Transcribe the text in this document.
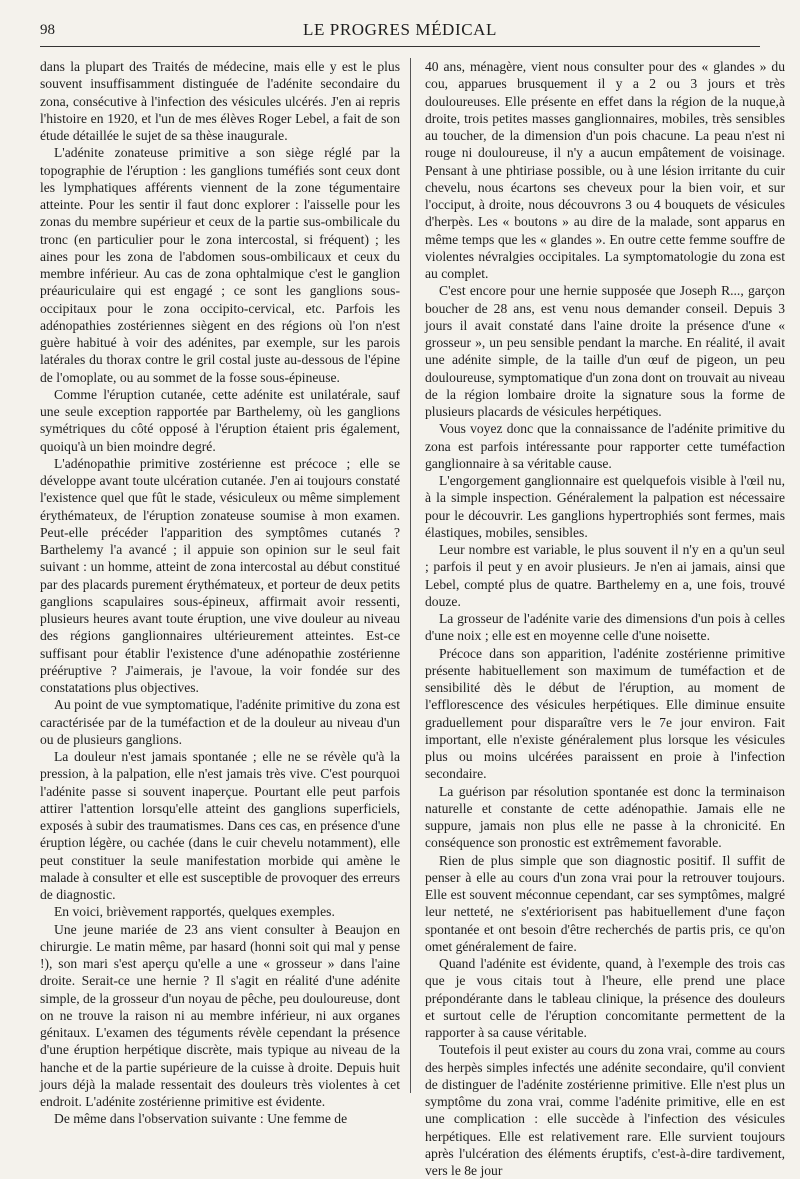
98	LE PROGRES MÉDICAL

dans la plupart des Traités de médecine, mais elle y est le plus souvent insuffisamment distinguée de l'adénite secondaire du zona, consécutive à l'infection des vésicules ulcérés. J'en ai repris l'histoire en 1920, et l'un de mes élèves Roger Lebel, a fait de son étude détaillée le sujet de sa thèse inaugurale.

L'adénite zonateuse primitive a son siège réglé par la topographie de l'éruption : les ganglions tuméfiés sont ceux dont les lymphatiques afférents viennent de la zone tégumentaire atteinte. Pour les sentir il faut donc explorer : l'aisselle pour les zonas du membre supérieur et ceux de la partie sus-ombilicale du tronc (en particulier pour le zona intercostal, si fréquent) ; les aines pour les zona de l'abdomen sous-ombilicaux et ceux du membre inférieur. Au cas de zona ophtalmique c'est le ganglion préauriculaire qui est engagé ; ce sont les ganglions sous-occipitaux pour le zona occipito-cervical, etc. Parfois les adénopathies zostériennes siègent en des régions où l'on n'est guère habitué à voir des adénites, par exemple, sur les parois latérales du thorax contre le gril costal juste au-dessous de l'épine de l'omoplate, ou au sommet de la fosse sous-épineuse.

Comme l'éruption cutanée, cette adénite est unilatérale, sauf une seule exception rapportée par Barthelemy, où les ganglions symétriques du côté opposé à l'éruption étaient pris également, quoiqu'à un bien moindre degré.

L'adénopathie primitive zostérienne est précoce ; elle se développe avant toute ulcération cutanée. J'en ai toujours constaté l'existence quel que fût le stade, vésiculeux ou même simplement érythémateux, de l'éruption zonateuse soumise à mon examen. Peut-elle précéder l'apparition des symptômes cutanés ? Barthelemy l'a avancé ; il appuie son opinion sur le seul fait suivant : un homme, atteint de zona intercostal au début constitué par des placards purement érythémateux, et porteur de deux petits ganglions scapulaires sous-épineux, affirmait avoir ressenti, plusieurs heures avant toute éruption, une vive douleur au niveau des régions ganglionnaires ultérieurement atteintes. Est-ce suffisant pour établir l'existence d'une adénopathie zostérienne prééruptive ? J'aimerais, je l'avoue, la voir fondée sur des constatations plus objectives.

Au point de vue symptomatique, l'adénite primitive du zona est caractérisée par de la tuméfaction et de la douleur au niveau d'un ou de plusieurs ganglions.

La douleur n'est jamais spontanée ; elle ne se révèle qu'à la pression, à la palpation, elle n'est jamais très vive. C'est pourquoi l'adénite passe si souvent inaperçue. Pourtant elle peut parfois attirer l'attention lorsqu'elle atteint des ganglions superficiels, exposés à subir des traumatismes. Dans ces cas, en présence d'une éruption légère, ou cachée (dans le cuir chevelu notamment), elle peut constituer la seule manifestation morbide qui amène le malade à consulter et elle est susceptible de provoquer des erreurs de diagnostic.

En voici, brièvement rapportés, quelques exemples.

Une jeune mariée de 23 ans vient consulter à Beaujon en chirurgie. Le matin même, par hasard (honni soit qui mal y pense !), son mari s'est aperçu qu'elle a une « grosseur » dans l'aine droite. Serait-ce une hernie ? Il s'agit en réalité d'une adénite simple, de la grosseur d'un noyau de pêche, peu douloureuse, dont on ne trouve la raison ni au membre inférieur, ni aux organes génitaux. L'examen des téguments révèle cependant la présence d'une éruption herpétique discrète, mais typique au niveau de la hanche et de la partie supérieure de la cuisse à droite. Depuis huit jours déjà la malade ressentait des douleurs très violentes à cet endroit. L'adénite zostérienne primitive est évidente.

De même dans l'observation suivante : Une femme de

40 ans, ménagère, vient nous consulter pour des « glandes » du cou, apparues brusquement il y a 2 ou 3 jours et très douloureuses. Elle présente en effet dans la région de la nuque,à droite, trois petites masses ganglionnaires, mobiles, très sensibles au toucher, de la dimension d'un pois chacune. La peau n'est ni rouge ni douloureuse, il n'y a aucun empâtement de voisinage. Pensant à une phtiriase possible, ou à une lésion irritante du cuir chevelu, nous écartons ses cheveux pour la bien voir, et sur l'occiput, à droite, nous découvrons 3 ou 4 bouquets de vésicules d'herpès. Les « boutons » au dire de la malade, sont apparus en même temps que les « glandes ». En outre cette femme souffre de violentes névralgies occipitales. La symptomatologie du zona est au complet.

C'est encore pour une hernie supposée que Joseph R..., garçon boucher de 28 ans, est venu nous demander conseil. Depuis 3 jours il avait constaté dans l'aine droite la présence d'une « grosseur », un peu sensible pendant la marche. En réalité, il avait une adénite simple, de la taille d'un œuf de pigeon, un peu douloureuse, symptomatique d'un zona dont on trouvait au niveau de la région lombaire droite la signature sous la forme de plusieurs placards de vésicules herpétiques.

Vous voyez donc que la connaissance de l'adénite primitive du zona est parfois intéressante pour rapporter cette tuméfaction ganglionnaire à sa véritable cause.

L'engorgement ganglionnaire est quelquefois visible à l'œil nu, à la simple inspection. Généralement la palpation est nécessaire pour le découvrir. Les ganglions hypertrophiés sont fermes, mais élastiques, mobiles, sensibles.

Leur nombre est variable, le plus souvent il n'y en a qu'un seul ; parfois il peut y en avoir plusieurs. Je n'en ai jamais, ainsi que Lebel, compté plus de quatre. Barthelemy en a, une fois, trouvé douze.

La grosseur de l'adénite varie des dimensions d'un pois à celles d'une noix ; elle est en moyenne celle d'une noisette.

Précoce dans son apparition, l'adénite zostérienne primitive présente habituellement son maximum de tuméfaction et de sensibilité dès le début de l'éruption, au moment de l'efflorescence des vésicules herpétiques. Elle diminue ensuite graduellement pour disparaître vers le 7e jour environ. Fait important, elle n'existe généralement plus lorsque les vésicules plus ou moins ulcérées paraissent en proie à l'infection secondaire.

La guérison par résolution spontanée est donc la terminaison naturelle et constante de cette adénopathie. Jamais elle ne suppure, jamais non plus elle ne passe à la chronicité. En conséquence son pronostic est extrêmement favorable.

Rien de plus simple que son diagnostic positif. Il suffit de penser à elle au cours d'un zona vrai pour la retrouver toujours. Elle est souvent méconnue cependant, car ses symptômes, malgré leur netteté, ne s'extériorisent pas habituellement d'une façon spontanée et ont besoin d'être recherchés de partis pris, ce qu'on omet généralement de faire.

Quand l'adénite est évidente, quand, à l'exemple des trois cas que je vous citais tout à l'heure, elle prend une place prépondérante dans le tableau clinique, la présence des douleurs et surtout celle de l'éruption concomitante permettent de la rapporter à sa cause véritable.

Toutefois il peut exister au cours du zona vrai, comme au cours des herpès simples infectés une adénite secondaire, qu'il convient de distinguer de l'adénite zostérienne primitive. Elle n'est plus un symptôme du zona vrai, comme l'adénite primitive, elle en est une complication : elle succède à l'infection des vésicules herpétiques. Elle est relativement rare. Elle survient toujours après l'ulcération des éléments éruptifs, c'est-à-dire tardivement, vers le 8e jour
